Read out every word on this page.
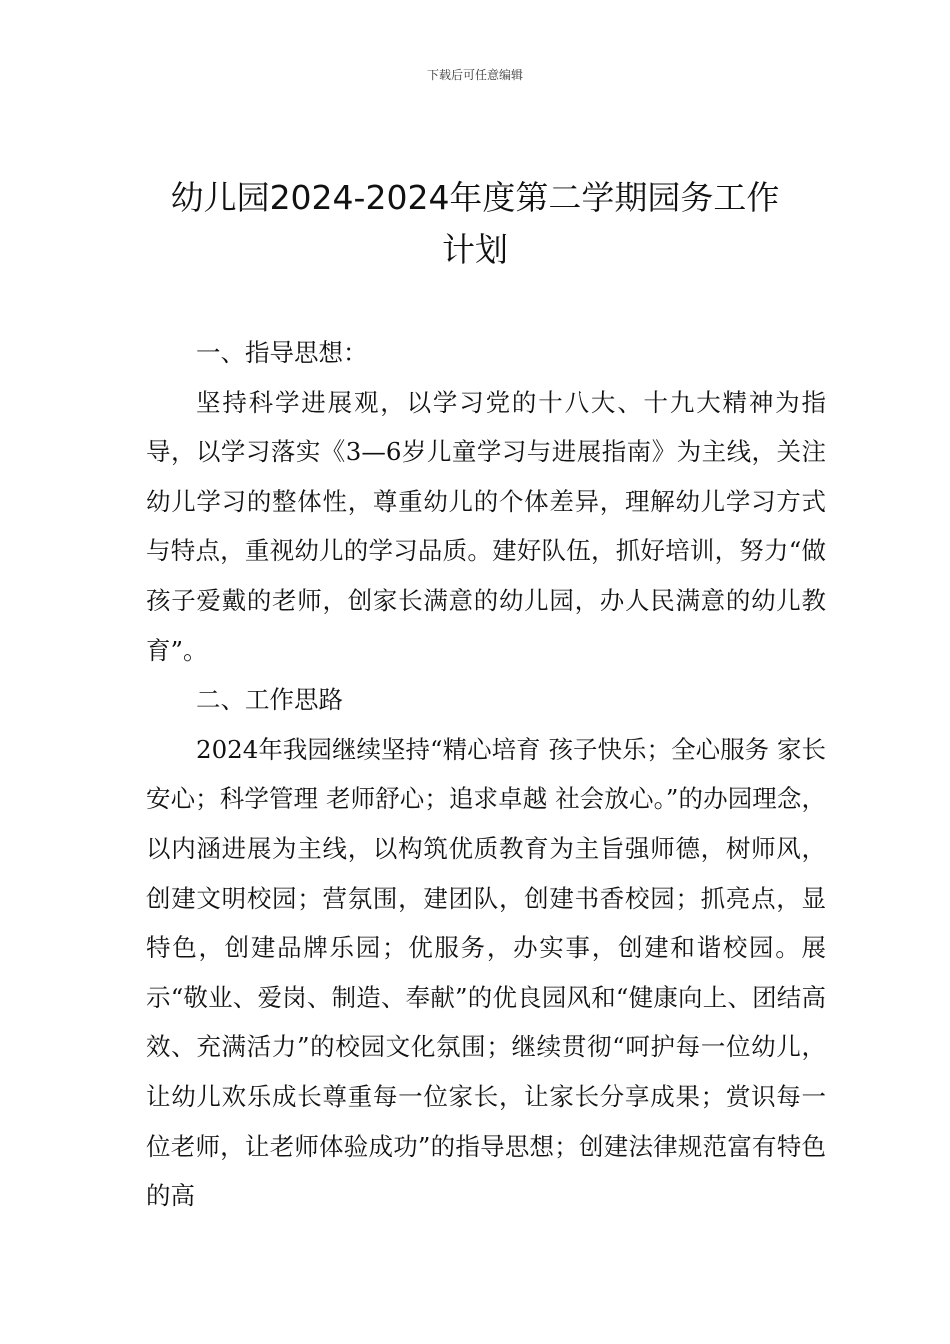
下载后可任意编辑
幼儿园2024-2024年度第二学期园务工作
计划

一、指导思想：

坚持科学进展观，以学习党的十八大、十九大精神为指导，以学习落实《3—6岁儿童学习与进展指南》为主线，关注幼儿学习的整体性，尊重幼儿的个体差异，理解幼儿学习方式与特点，重视幼儿的学习品质。建好队伍，抓好培训，努力“做孩子爱戴的老师，创家长满意的幼儿园，办人民满意的幼儿教育”。

二、工作思路

2024年我园继续坚持“精心培育 孩子快乐；全心服务 家长安心；科学管理 老师舒心；追求卓越 社会放心。”的办园理念，以内涵进展为主线，以构筑优质教育为主旨强师德，树师风，创建文明校园；营氛围，建团队，创建书香校园；抓亮点，显特色，创建品牌乐园；优服务，办实事，创建和谐校园。展示“敬业、爱岗、制造、奉献”的优良园风和“健康向上、团结高效、充满活力”的校园文化氛围；继续贯彻“呵护每一位幼儿，让幼儿欢乐成长尊重每一位家长，让家长分享成果；赏识每一位老师，让老师体验成功”的指导思想；创建法律规范富有特色的高
